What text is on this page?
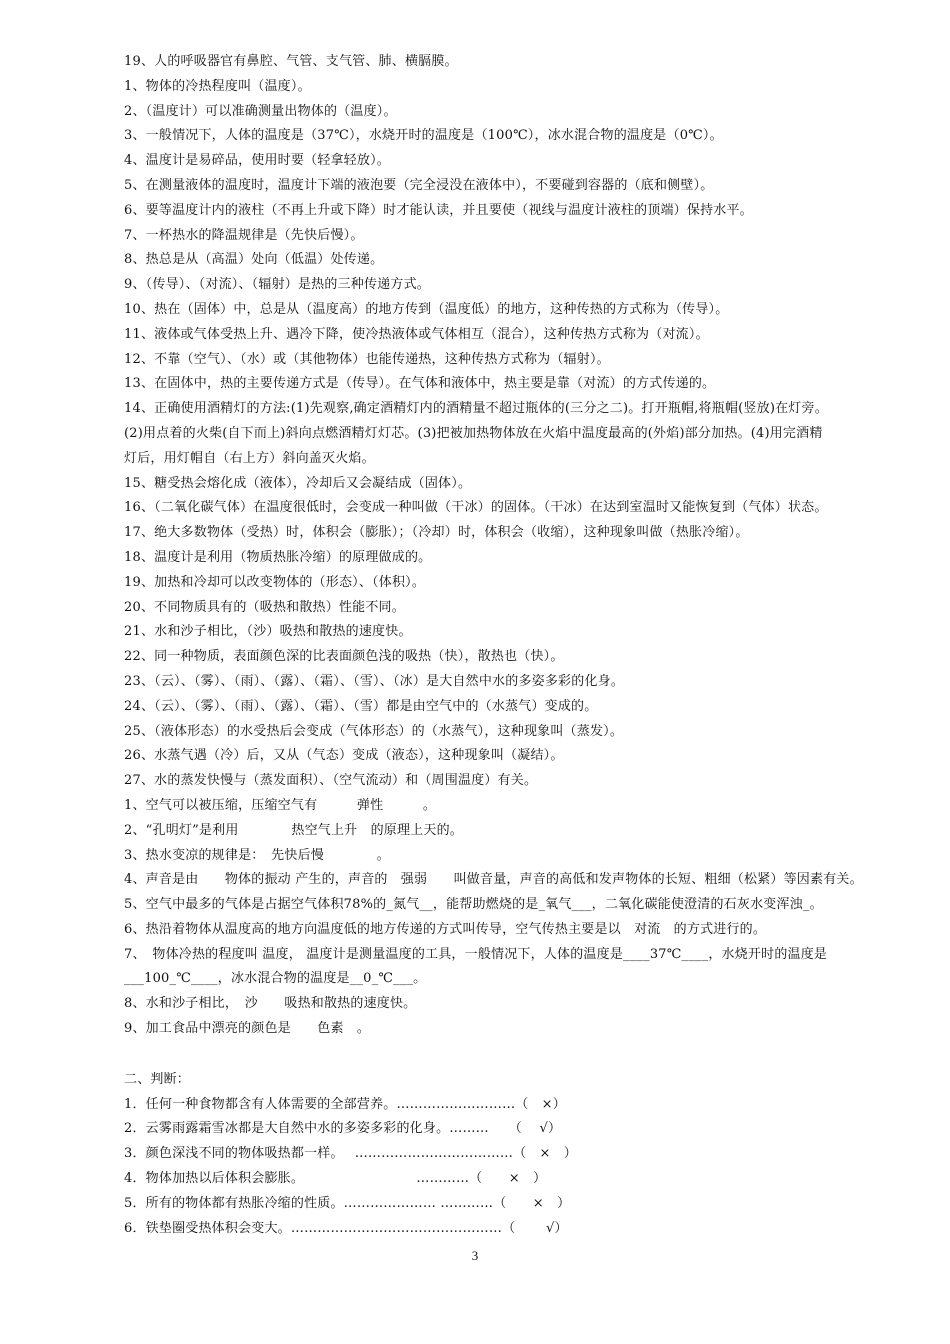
19、人的呼吸器官有鼻腔、气管、支气管、肺、横膈膜。
1、物体的冷热程度叫（温度）。
2、（温度计）可以准确测量出物体的（温度）。
3、一般情况下，人体的温度是（37℃），水烧开时的温度是（100℃），冰水混合物的温度是（0℃）。
4、温度计是易碎品，使用时要（轻拿轻放）。
5、在测量液体的温度时，温度计下端的液泡要（完全浸没在液体中），不要碰到容器的（底和侧壁）。
6、要等温度计内的液柱（不再上升或下降）时才能认读，并且要使（视线与温度计液柱的顶端）保持水平。
7、一杯热水的降温规律是（先快后慢）。
8、热总是从（高温）处向（低温）处传递。
9、（传导）、（对流）、（辐射）是热的三种传递方式。
10、热在（固体）中，总是从（温度高）的地方传到（温度低）的地方，这种传热的方式称为（传导）。
11、液体或气体受热上升、遇冷下降，使冷热液体或气体相互（混合），这种传热方式称为（对流）。
12、不靠（空气）、（水）或（其他物体）也能传递热，这种传热方式称为（辐射）。
13、在固体中，热的主要传递方式是（传导）。在气体和液体中，热主要是靠（对流）的方式传递的。
14、正确使用酒精灯的方法:(1)先观察,确定酒精灯内的酒精量不超过瓶体的(三分之二)。打开瓶帽,将瓶帽(竖放)在灯旁。
(2)用点着的火柴(自下而上)斜向点燃酒精灯灯芯。(3)把被加热物体放在火焰中温度最高的(外焰)部分加热。(4)用完酒精
灯后，用灯帽自（右上方）斜向盖灭火焰。
15、糖受热会熔化成（液体），冷却后又会凝结成（固体）。
16、（二氧化碳气体）在温度很低时，会变成一种叫做（干冰）的固体。（干冰）在达到室温时又能恢复到（气体）状态。
17、绝大多数物体（受热）时，体积会（膨胀）；（冷却）时，体积会（收缩），这种现象叫做（热胀冷缩）。
18、温度计是利用（物质热胀冷缩）的原理做成的。
19、加热和冷却可以改变物体的（形态）、（体积）。
20、不同物质具有的（吸热和散热）性能不同。
21、水和沙子相比，（沙）吸热和散热的速度快。
22、同一种物质，表面颜色深的比表面颜色浅的吸热（快），散热也（快）。
23、（云）、（雾）、（雨）、（露）、（霜）、（雪）、（冰）是大自然中水的多姿多彩的化身。
24、（云）、（雾）、（雨）、（露）、（霜）、（雪）都是由空气中的（水蒸气）变成的。
25、（液体形态）的水受热后会变成（气体形态）的（水蒸气），这种现象叫（蒸发）。
26、水蒸气遇（冷）后，又从（气态）变成（液态），这种现象叫（凝结）。
27、水的蒸发快慢与（蒸发面积）、（空气流动）和（周围温度）有关。
1、空气可以被压缩，压缩空气有　　　弹性　　　。
2、“孔明灯”是利用　　　　热空气上升　的原理上天的。
3、热水变凉的规律是：　先快后慢　　　　。
4、声音是由　　物体的振动 产生的，声音的　强弱　　叫做音量，声音的高低和发声物体的长短、粗细（松紧）等因素有关。
5、空气中最多的气体是占据空气体积78%的_氮气__，能帮助燃烧的是_氧气___，二氧化碳能使澄清的石灰水变浑浊_。
6、热沿着物体从温度高的地方向温度低的地方传递的方式叫传导，空气传热主要是以　对流　的方式进行的。
7、　物体冷热的程度叫 温度， 温度计是测量温度的工具，一般情况下，人体的温度是____37℃____，水烧开时的温度是
___100_℃____，冰水混合物的温度是__0_℃___。
8、水和沙子相比，　沙　　吸热和散热的速度快。
9、加工食品中漂亮的颜色是　　色素　。
二、判断：
1．任何一种食物都含有人体需要的全部营养。………………………（　×）
2．云雾雨露霜雪冰都是大自然中水的多姿多彩的化身。………　　（　 √）
3．颜色深浅不同的物体吸热都一样。　 ………………………………（　×　）
4．物体加热以后体积会膨胀。　　　　　　　　　…………（　　×　）
5．所有的物体都有热胀冷缩的性质。………………… …………（　　×　）
6．铁垫圈受热体积会变大。…………………………………………（　　 √）
3
